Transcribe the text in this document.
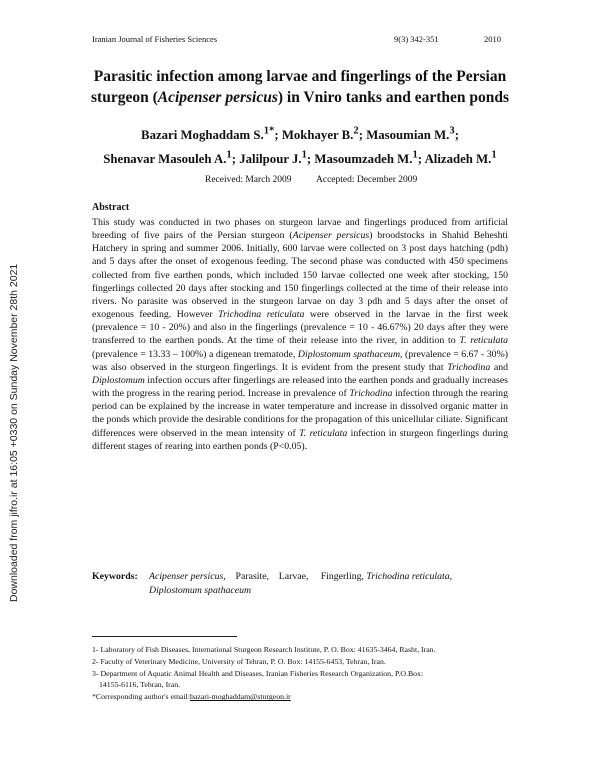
Iranian Journal of Fisheries Sciences	9(3) 342-351	2010
Downloaded from jifro.ir at 16:05 +0330 on Sunday November 28th 2021
Parasitic infection among larvae and fingerlings of the Persian
sturgeon (Acipenser persicus) in Vniro tanks and earthen ponds
Bazari Moghaddam S.$^{1*}$; Mokhayer B.$^2$; Masoumian M.$^3$;
Shenavar Masouleh A.$^1$; Jalilpour J.$^1$; Masoumzadeh M.$^1$; Alizadeh M.$^1$
Received: March 2009	Accepted: December 2009
Abstract
This study was conducted in two phases on sturgeon larvae and fingerlings produced from artificial breeding of five pairs of the Persian sturgeon (Acipenser persicus) broodstocks in Shahid Beheshti Hatchery in spring and summer 2006. Initially, 600 larvae were collected on 3 post days hatching (pdh) and 5 days after the onset of exogenous feeding. The second phase was conducted with 450 specimens collected from five earthen ponds, which included 150 larvae collected one week after stocking, 150 fingerlings collected 20 days after stocking and 150 fingerlings collected at the time of their release into rivers. No parasite was observed in the sturgeon larvae on day 3 pdh and 5 days after the onset of exogenous feeding. However Trichodina reticulata were observed in the larvae in the first week (prevalence = 10 - 20%) and also in the fingerlings (prevalence = 10 - 46.67%) 20 days after they were transferred to the earthen ponds. At the time of their release into the river, in addition to T. reticulata (prevalence = 13.33 – 100%) a digenean trematode, Diplostomum spathaceum, (prevalence = 6.67 - 30%) was also observed in the sturgeon fingerlings. It is evident from the present study that Trichodina and Diplostomum infection occurs after fingerlings are released into the earthen ponds and gradually increases with the progress in the rearing period. Increase in prevalence of Trichodina infection through the rearing period can be explained by the increase in water temperature and increase in dissolved organic matter in the ponds which provide the desirable conditions for the propagation of this unicellular ciliate. Significant differences were observed in the mean intensity of T. reticulata infection in sturgeon fingerlings during different stages of rearing into earthen ponds (P<0.05).
Keywords: Acipenser persicus, Parasite, Larvae, Fingerling, Trichodina reticulata,
Diplostomum spathaceum
1- Laboratory of Fish Diseases, International Sturgeon Research Institute, P. O. Box: 41635-3464, Rasht, Iran.
2- Faculty of Veterinary Medicine, University of Tehran, P. O. Box: 14155-6453, Tehran, Iran.
3- Department of Aquatic Animal Health and Diseases, Iranian Fisheries Research Organization, P.O.Box:
14155-6116, Tehran, Iran.
*Corresponding author's email:bazari-moghaddam@sturgeon.ir
